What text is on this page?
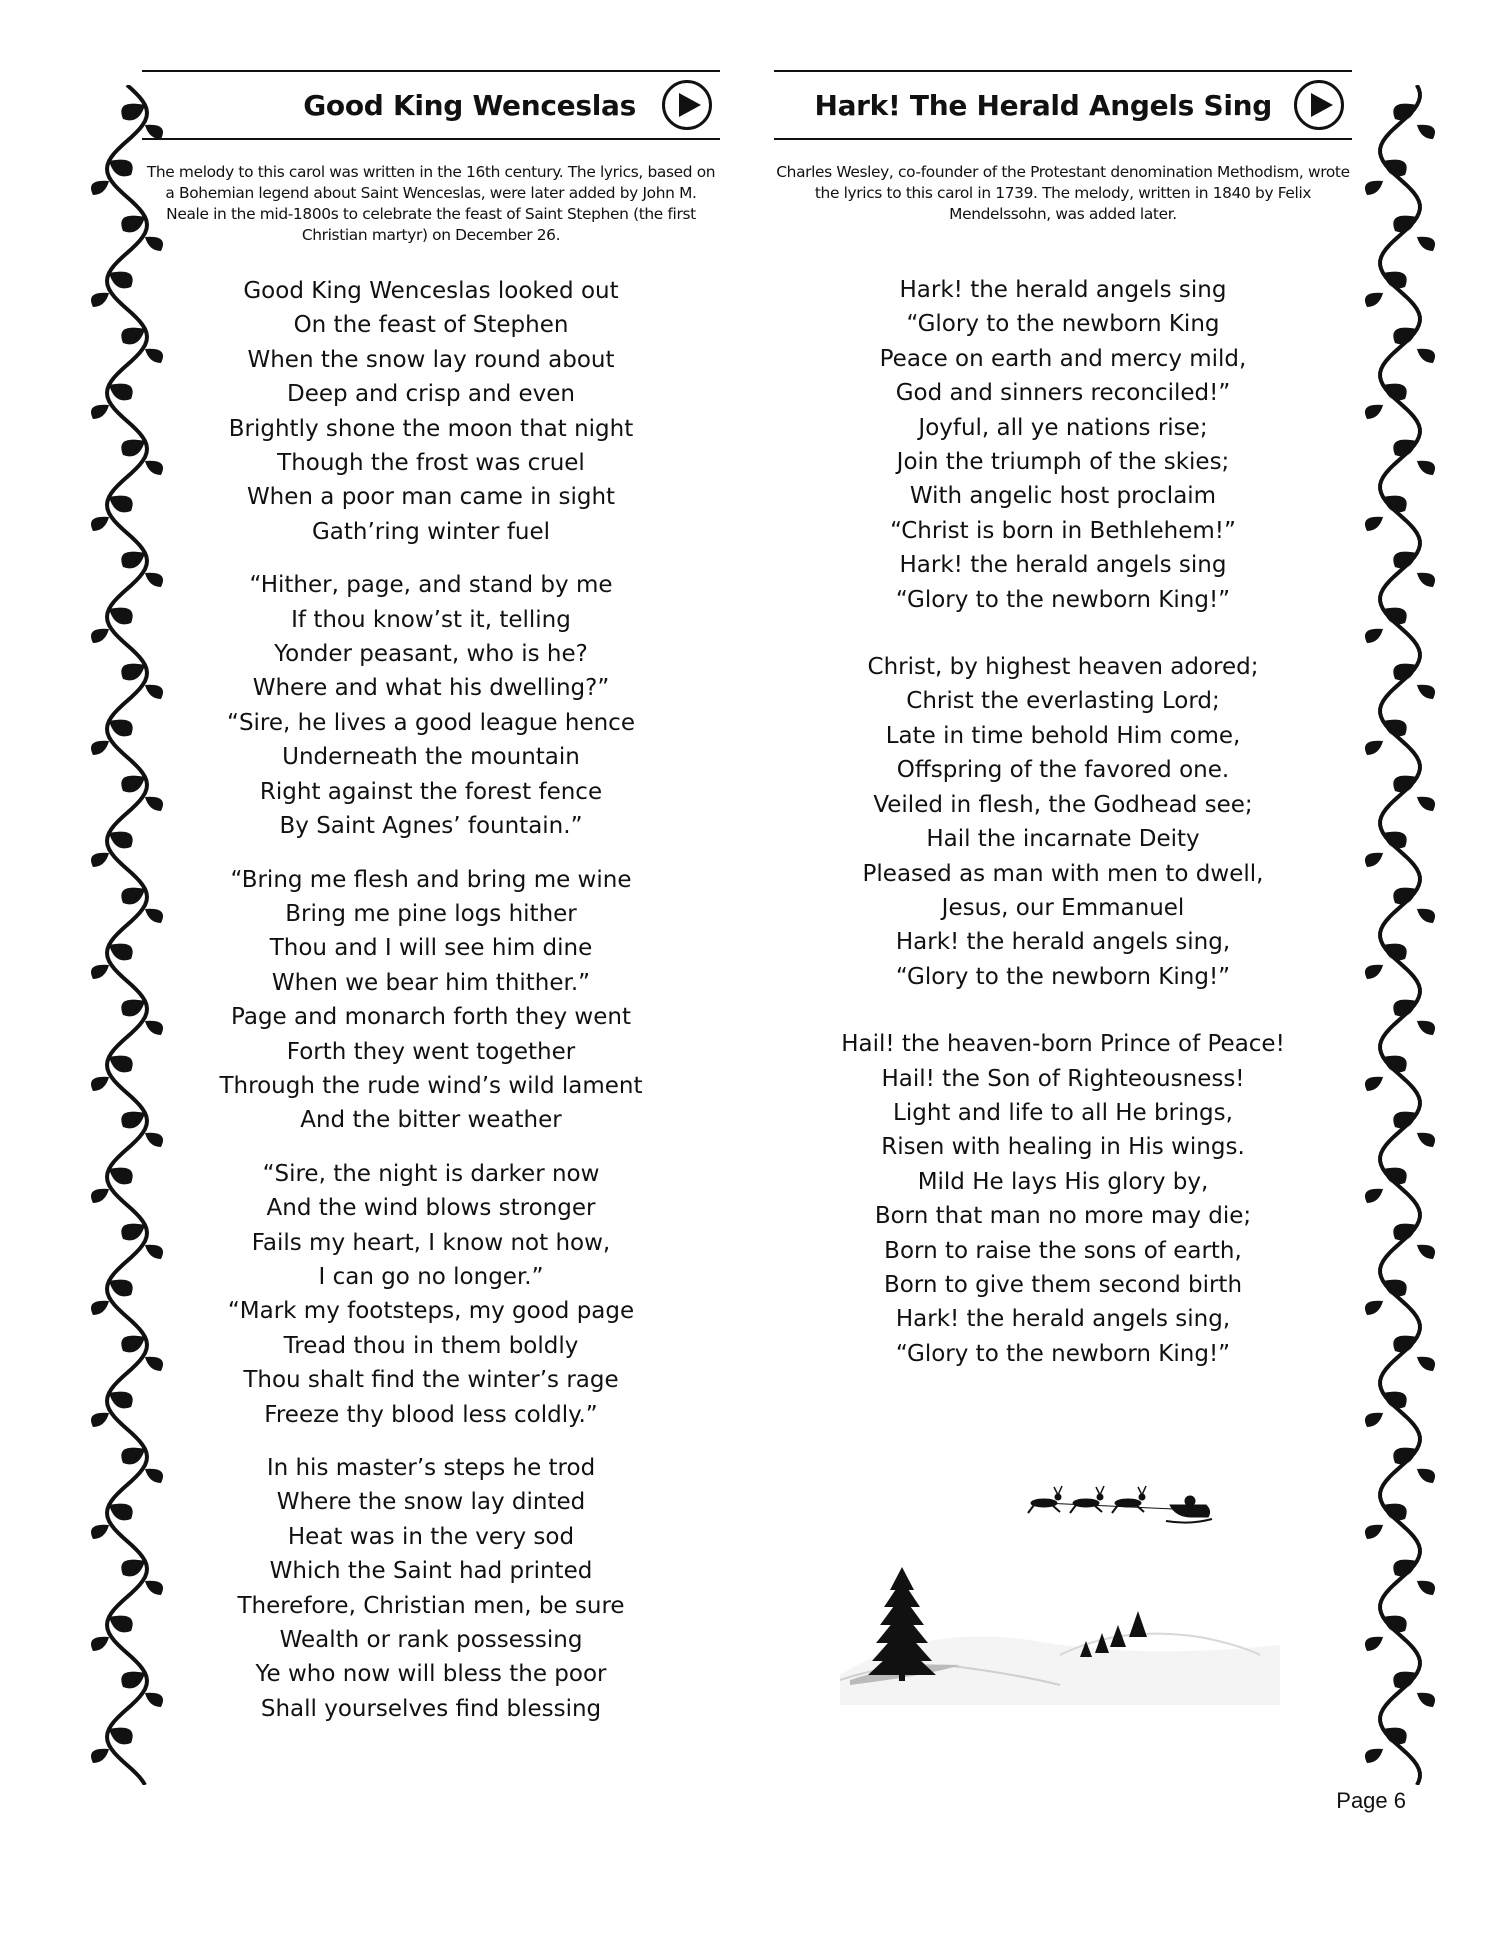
Good King Wenceslas

The melody to this carol was written in the 16th century. The lyrics, based on a Bohemian legend about Saint Wenceslas, were later added by John M. Neale in the mid-1800s to celebrate the feast of Saint Stephen (the first Christian martyr) on December 26.

Good King Wenceslas looked out
On the feast of Stephen
When the snow lay round about
Deep and crisp and even
Brightly shone the moon that night
Though the frost was cruel
When a poor man came in sight
Gath’ring winter fuel
“Hither, page, and stand by me
If thou know’st it, telling
Yonder peasant, who is he?
Where and what his dwelling?”
“Sire, he lives a good league hence
Underneath the mountain
Right against the forest fence
By Saint Agnes’ fountain.”
“Bring me flesh and bring me wine
Bring me pine logs hither
Thou and I will see him dine
When we bear him thither.”
Page and monarch forth they went
Forth they went together
Through the rude wind’s wild lament
And the bitter weather
“Sire, the night is darker now
And the wind blows stronger
Fails my heart, I know not how,
I can go no longer.”
“Mark my footsteps, my good page
Tread thou in them boldly
Thou shalt find the winter’s rage
Freeze thy blood less coldly.”
In his master’s steps he trod
Where the snow lay dinted
Heat was in the very sod
Which the Saint had printed
Therefore, Christian men, be sure
Wealth or rank possessing
Ye who now will bless the poor
Shall yourselves find blessing
Hark! The Herald Angels Sing

Charles Wesley, co-founder of the Protestant denomination Methodism, wrote the lyrics to this carol in 1739. The melody, written in 1840 by Felix Mendelssohn, was added later.

Hark! the herald angels sing
“Glory to the newborn King
Peace on earth and mercy mild,
God and sinners reconciled!”
Joyful, all ye nations rise;
Join the triumph of the skies;
With angelic host proclaim
“Christ is born in Bethlehem!”
Hark! the herald angels sing
“Glory to the newborn King!”
Christ, by highest heaven adored;
Christ the everlasting Lord;
Late in time behold Him come,
Offspring of the favored one.
Veiled in flesh, the Godhead see;
Hail the incarnate Deity
Pleased as man with men to dwell,
Jesus, our Emmanuel
Hark! the herald angels sing,
“Glory to the newborn King!”
Hail! the heaven-born Prince of Peace!
Hail! the Son of Righteousness!
Light and life to all He brings,
Risen with healing in His wings.
Mild He lays His glory by,
Born that man no more may die;
Born to raise the sons of earth,
Born to give them second birth
Hark! the herald angels sing,
“Glory to the newborn King!”
Page 6
